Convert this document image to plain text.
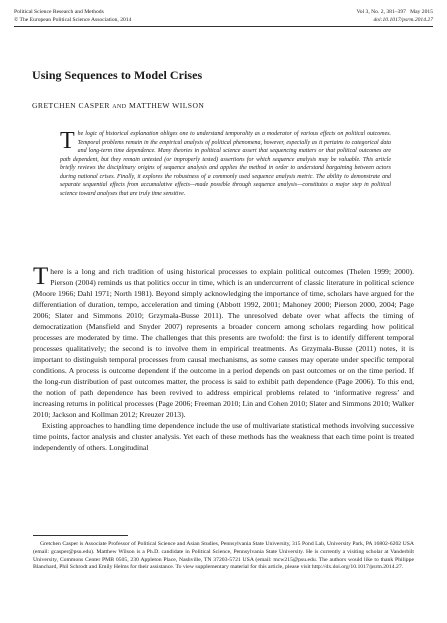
Political Science Research and Methods	Vol 3, No. 2, 381–397 May 2015
© The European Political Science Association, 2014	doi:10.1017/psrm.2014.27
Using Sequences to Model Crises
GRETCHEN CASPER AND MATTHEW WILSON
The logic of historical explanation obliges one to understand temporality as a moderator of various effects on political outcomes. Temporal problems remain in the empirical analysis of political phenomena, however, especially as it pertains to categorical data and long-term time dependence. Many theories in political science assert that sequencing matters or that political outcomes are path dependent, but they remain untested (or improperly tested) assertions for which sequence analysis may be valuable. This article briefly reviews the disciplinary origins of sequence analysis and applies the method in order to understand bargaining between actors during national crises. Finally, it explores the robustness of a commonly used sequence analysis metric. The ability to demonstrate and separate sequential effects from accumulative effects—made possible through sequence analysis—constitutes a major step in political science toward analyses that are truly time sensitive.

There is a long and rich tradition of using historical processes to explain political outcomes (Thelen 1999; 2000). Pierson (2004) reminds us that politics occur in time, which is an undercurrent of classic literature in political science (Moore 1966; Dahl 1971; North 1981). Beyond simply acknowledging the importance of time, scholars have argued for the differentiation of duration, tempo, acceleration and timing (Abbott 1992, 2001; Mahoney 2000; Pierson 2000, 2004; Page 2006; Slater and Simmons 2010; Grzymała-Busse 2011). The unresolved debate over what affects the timing of democratization (Mansfield and Snyder 2007) represents a broader concern among scholars regarding how political processes are moderated by time. The challenges that this presents are twofold: the first is to identify different temporal processes qualitatively; the second is to involve them in empirical treatments. As Grzymała-Busse (2011) notes, it is important to distinguish temporal processes from causal mechanisms, as some causes may operate under specific temporal conditions. A process is outcome dependent if the outcome in a period depends on past outcomes or on the time period. If the long-run distribution of past outcomes matter, the process is said to exhibit path dependence (Page 2006). To this end, the notion of path dependence has been revived to address empirical problems related to ‘informative regress’ and increasing returns in political processes (Page 2006; Freeman 2010; Lin and Cohen 2010; Slater and Simmons 2010; Walker 2010; Jackson and Kollman 2012; Kreuzer 2013).

Existing approaches to handling time dependence include the use of multivariate statistical methods involving successive time points, factor analysis and cluster analysis. Yet each of these methods has the weakness that each time point is treated independently of others. Longitudinal

Gretchen Casper is Associate Professor of Political Science and Asian Studies, Pennsylvania State University, 315 Pond Lab, University Park, PA 16802-6202 USA (email: gcasper@psu.edu). Matthew Wilson is a Ph.D. candidate in Political Science, Pennsylvania State University. He is currently a visiting scholar at Vanderbilt University, Commons Center PMB 0505, 230 Appleton Place, Nashville, TN 37203-5721 USA (email: mcw215@psu.edu. The authors would like to thank Philippe Blanchard, Phil Schrodt and Emily Helms for their assistance. To view supplementary material for this article, please visit http://dx.doi.org/10.1017/psrm.2014.27.
